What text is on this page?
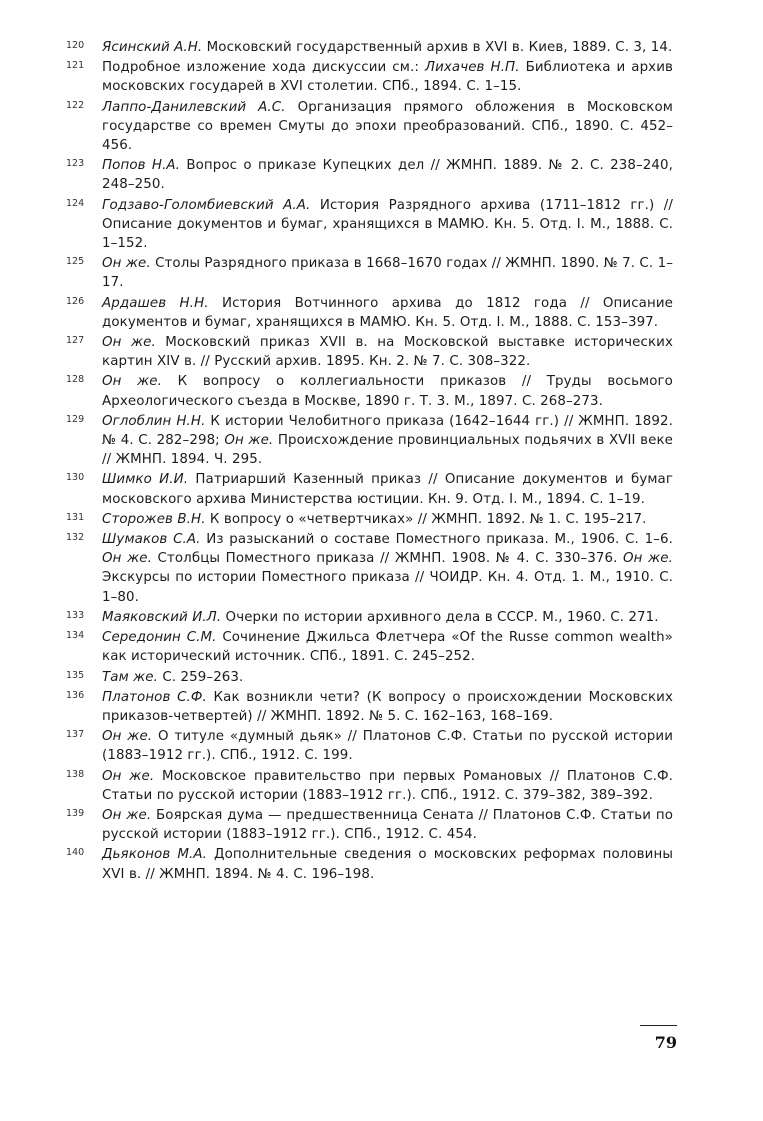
120 Ясинский А.Н. Московский государственный архив в XVI в. Киев, 1889. С. 3, 14.
121 Подробное изложение хода дискуссии см.: Лихачев Н.П. Библиотека и архив московских государей в XVI столетии. СПб., 1894. С. 1–15.
122 Лаппо-Данилевский А.С. Организация прямого обложения в Московском государстве со времен Смуты до эпохи преобразований. СПб., 1890. С. 452–456.
123 Попов Н.А. Вопрос о приказе Купецких дел // ЖМНП. 1889. № 2. С. 238–240, 248–250.
124 Годзаво-Голомбиевский А.А. История Разрядного архива (1711–1812 гг.) // Описание документов и бумаг, хранящихся в МАМЮ. Кн. 5. Отд. I. М., 1888. С. 1–152.
125 Он же. Столы Разрядного приказа в 1668–1670 годах // ЖМНП. 1890. № 7. С. 1–17.
126 Ардашев Н.Н. История Вотчинного архива до 1812 года // Описание документов и бумаг, хранящихся в МАМЮ. Кн. 5. Отд. I. М., 1888. С. 153–397.
127 Он же. Московский приказ XVII в. на Московской выставке исторических картин XIV в. // Русский архив. 1895. Кн. 2. № 7. С. 308–322.
128 Он же. К вопросу о коллегиальности приказов // Труды восьмого Археологического съезда в Москве, 1890 г. Т. 3. М., 1897. С. 268–273.
129 Оглоблин Н.Н. К истории Челобитного приказа (1642–1644 гг.) // ЖМНП. 1892. № 4. С. 282–298; Он же. Происхождение провинциальных подьячих в XVII веке // ЖМНП. 1894. Ч. 295.
130 Шимко И.И. Патриарший Казенный приказ // Описание документов и бумаг московского архива Министерства юстиции. Кн. 9. Отд. I. М., 1894. С. 1–19.
131 Сторожев В.Н. К вопросу о «четвертчиках» // ЖМНП. 1892. № 1. С. 195–217.
132 Шумаков С.А. Из разысканий о составе Поместного приказа. М., 1906. С. 1–6. Он же. Столбцы Поместного приказа // ЖМНП. 1908. № 4. С. 330–376. Он же. Экскурсы по истории Поместного приказа // ЧОИДР. Кн. 4. Отд. 1. М., 1910. С. 1–80.
133 Маяковский И.Л. Очерки по истории архивного дела в СССР. М., 1960. С. 271.
134 Середонин С.М. Сочинение Джильса Флетчера «Of the Russe common wealth» как исторический источник. СПб., 1891. С. 245–252.
135 Там же. С. 259–263.
136 Платонов С.Ф. Как возникли чети? (К вопросу о происхождении Московских приказов-четвертей) // ЖМНП. 1892. № 5. С. 162–163, 168–169.
137 Он же. О титуле «думный дьяк» // Платонов С.Ф. Статьи по русской истории (1883–1912 гг.). СПб., 1912. С. 199.
138 Он же. Московское правительство при первых Романовых // Платонов С.Ф. Статьи по русской истории (1883–1912 гг.). СПб., 1912. С. 379–382, 389–392.
139 Он же. Боярская дума — предшественница Сената // Платонов С.Ф. Статьи по русской истории (1883–1912 гг.). СПб., 1912. С. 454.
140 Дьяконов М.А. Дополнительные сведения о московских реформах половины XVI в. // ЖМНП. 1894. № 4. С. 196–198.
79
